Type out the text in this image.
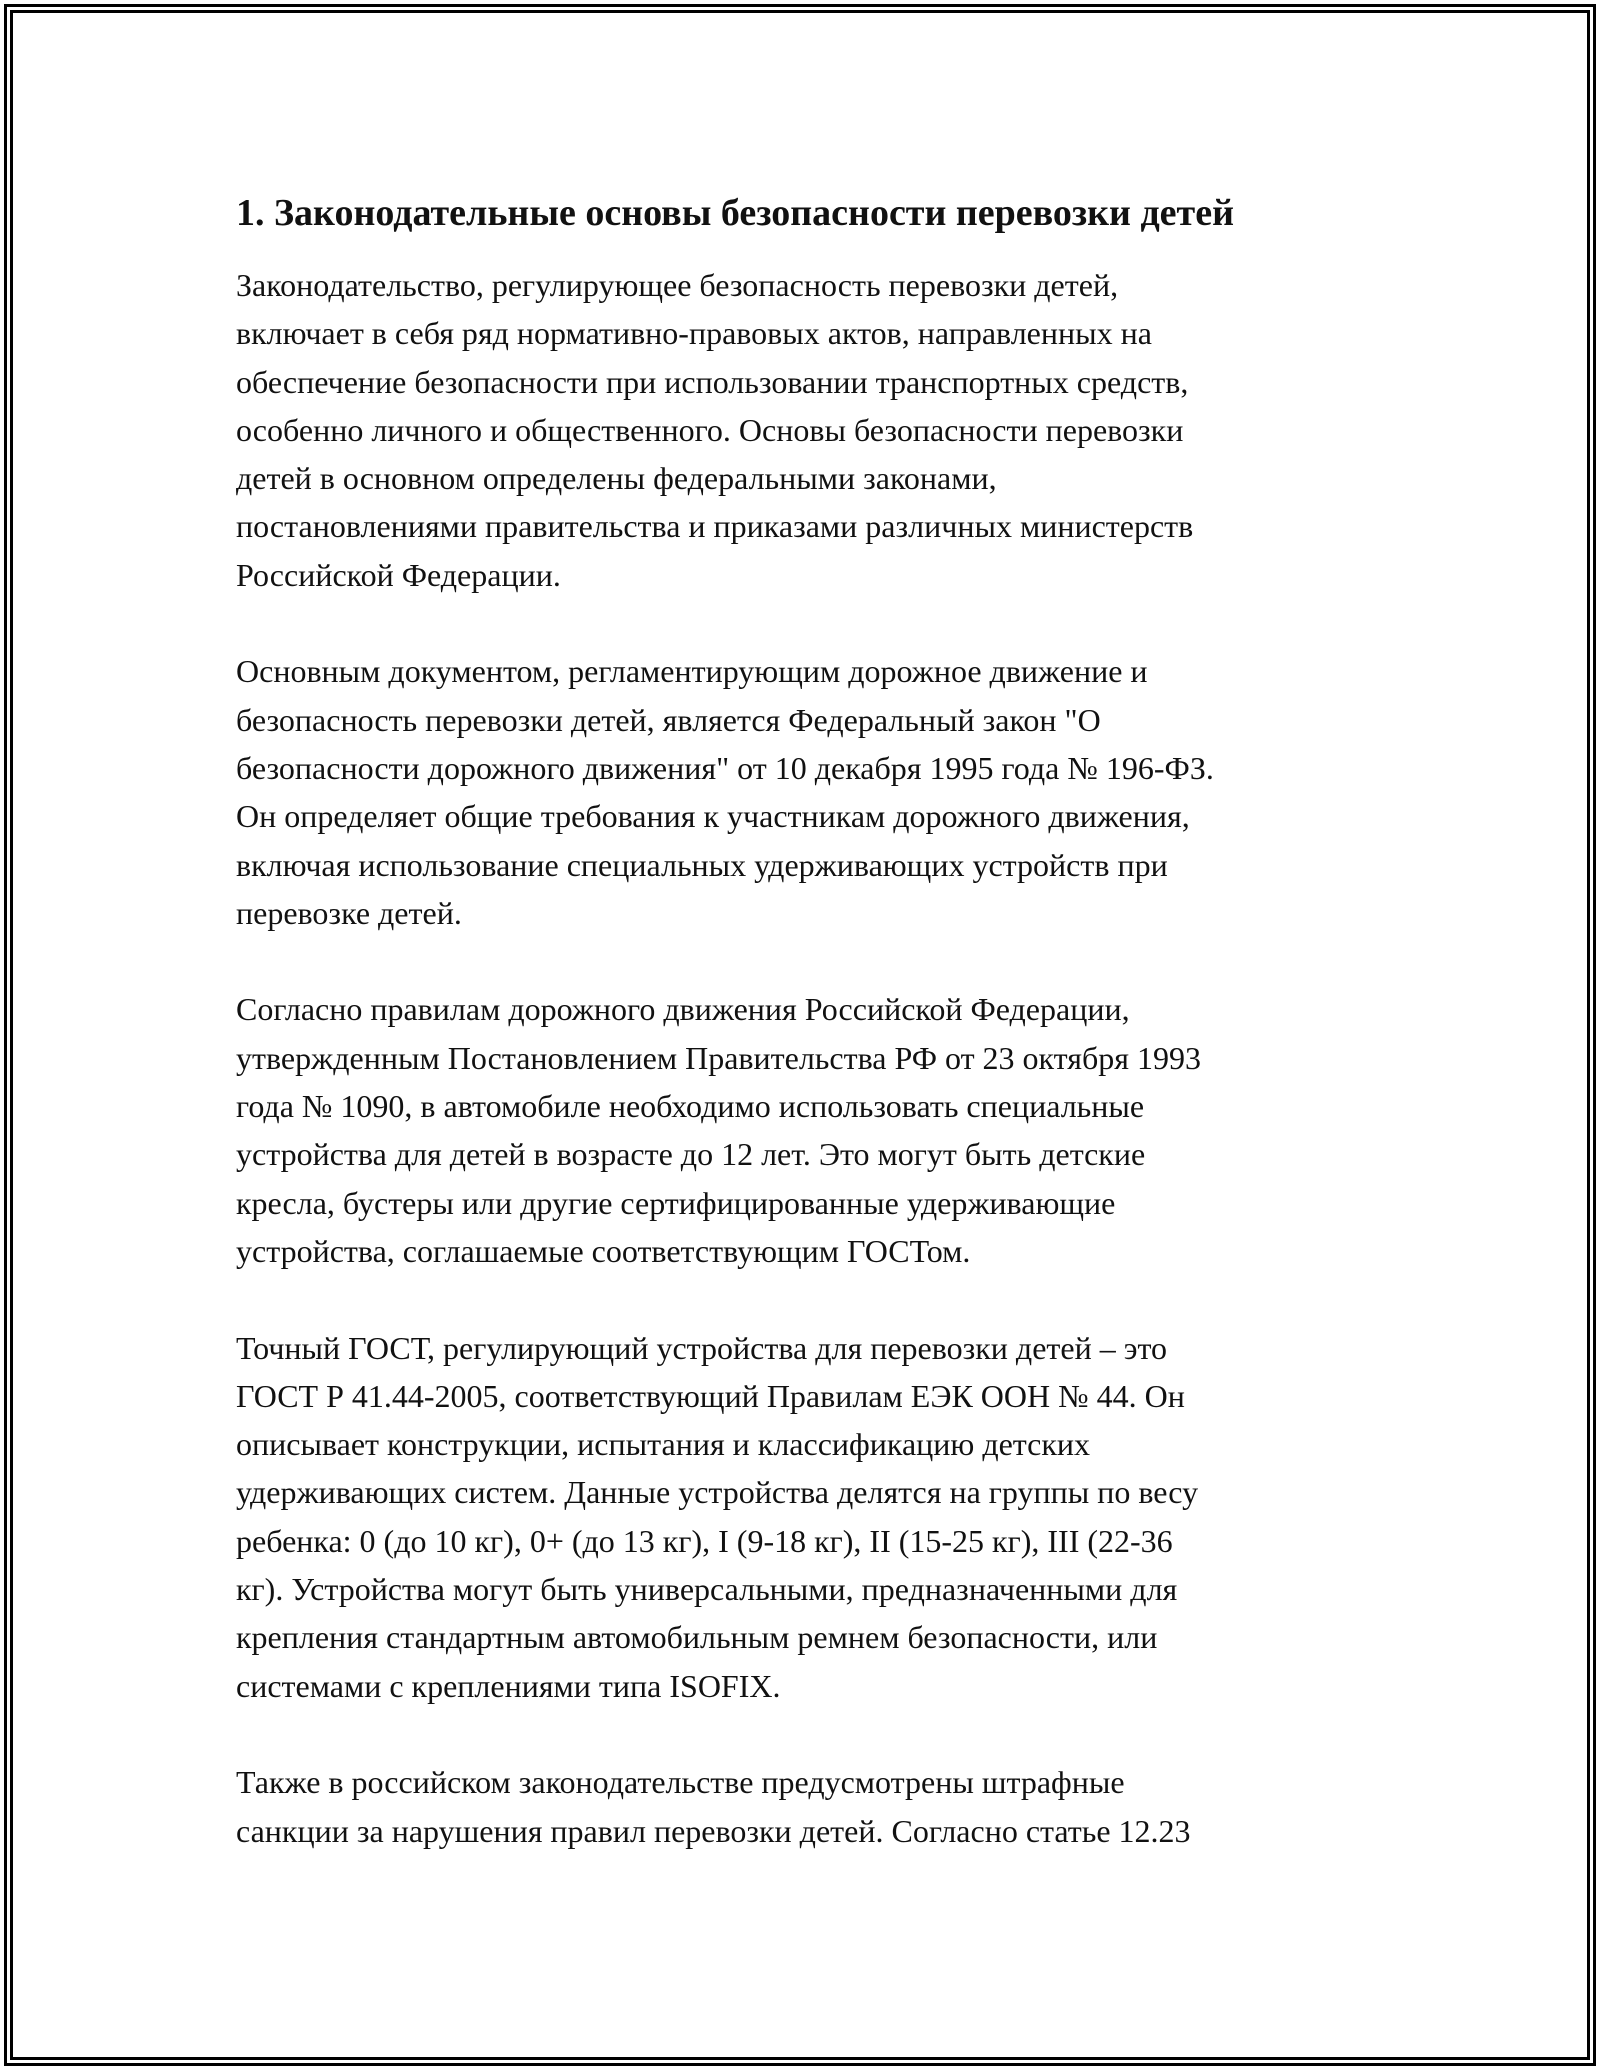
1. Законодательные основы безопасности перевозки детей
Законодательство, регулирующее безопасность перевозки детей,
включает в себя ряд нормативно-правовых актов, направленных на
обеспечение безопасности при использовании транспортных средств,
особенно личного и общественного. Основы безопасности перевозки
детей в основном определены федеральными законами,
постановлениями правительства и приказами различных министерств
Российской Федерации.
Основным документом, регламентирующим дорожное движение и
безопасность перевозки детей, является Федеральный закон "О
безопасности дорожного движения" от 10 декабря 1995 года № 196-ФЗ.
Он определяет общие требования к участникам дорожного движения,
включая использование специальных удерживающих устройств при
перевозке детей.
Согласно правилам дорожного движения Российской Федерации,
утвержденным Постановлением Правительства РФ от 23 октября 1993
года № 1090, в автомобиле необходимо использовать специальные
устройства для детей в возрасте до 12 лет. Это могут быть детские
кресла, бустеры или другие сертифицированные удерживающие
устройства, соглашаемые соответствующим ГОСТом.
Точный ГОСТ, регулирующий устройства для перевозки детей – это
ГОСТ Р 41.44-2005, соответствующий Правилам ЕЭК ООН № 44. Он
описывает конструкции, испытания и классификацию детских
удерживающих систем. Данные устройства делятся на группы по весу
ребенка: 0 (до 10 кг), 0+ (до 13 кг), I (9-18 кг), II (15-25 кг), III (22-36
кг). Устройства могут быть универсальными, предназначенными для
крепления стандартным автомобильным ремнем безопасности, или
системами с креплениями типа ISOFIX.
Также в российском законодательстве предусмотрены штрафные
санкции за нарушения правил перевозки детей. Согласно статье 12.23
